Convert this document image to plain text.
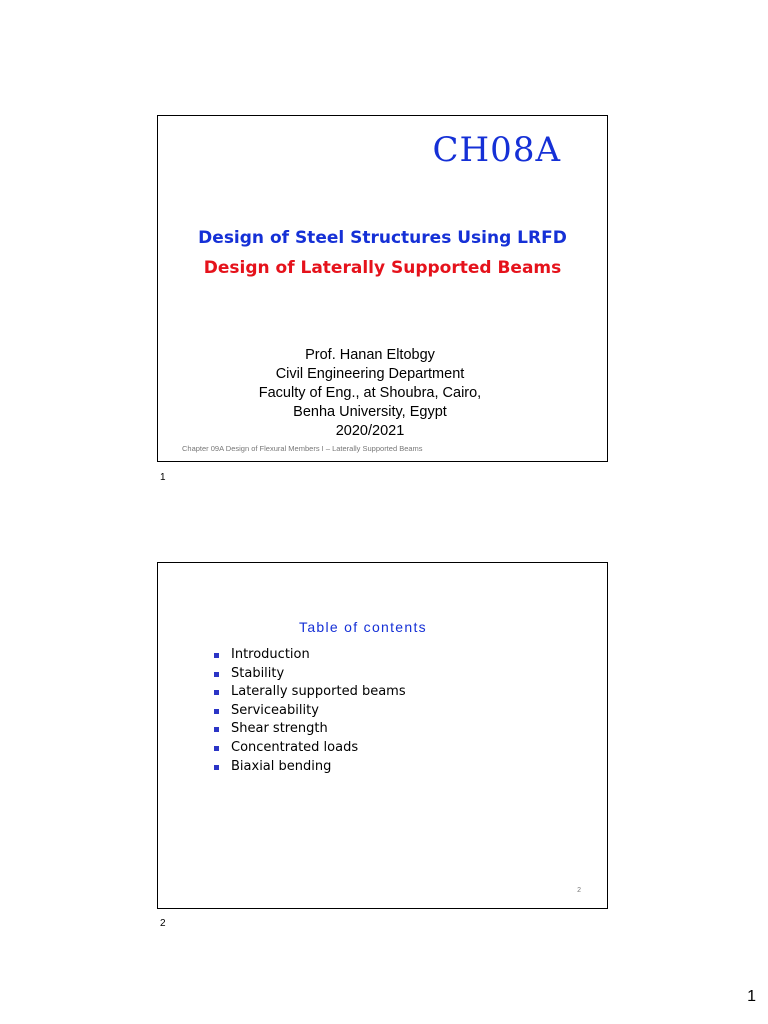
CH08A
Design of Steel Structures Using LRFD
Design of Laterally Supported Beams
Prof. Hanan Eltobgy
Civil Engineering Department
Faculty of Eng., at Shoubra, Cairo,
Benha University, Egypt
2020/2021
Chapter 09A Design of Flexural Members I – Laterally Supported Beams
1
Table of contents
Introduction
Stability
Laterally supported beams
Serviceability
Shear strength
Concentrated loads
Biaxial bending
2
2
1
